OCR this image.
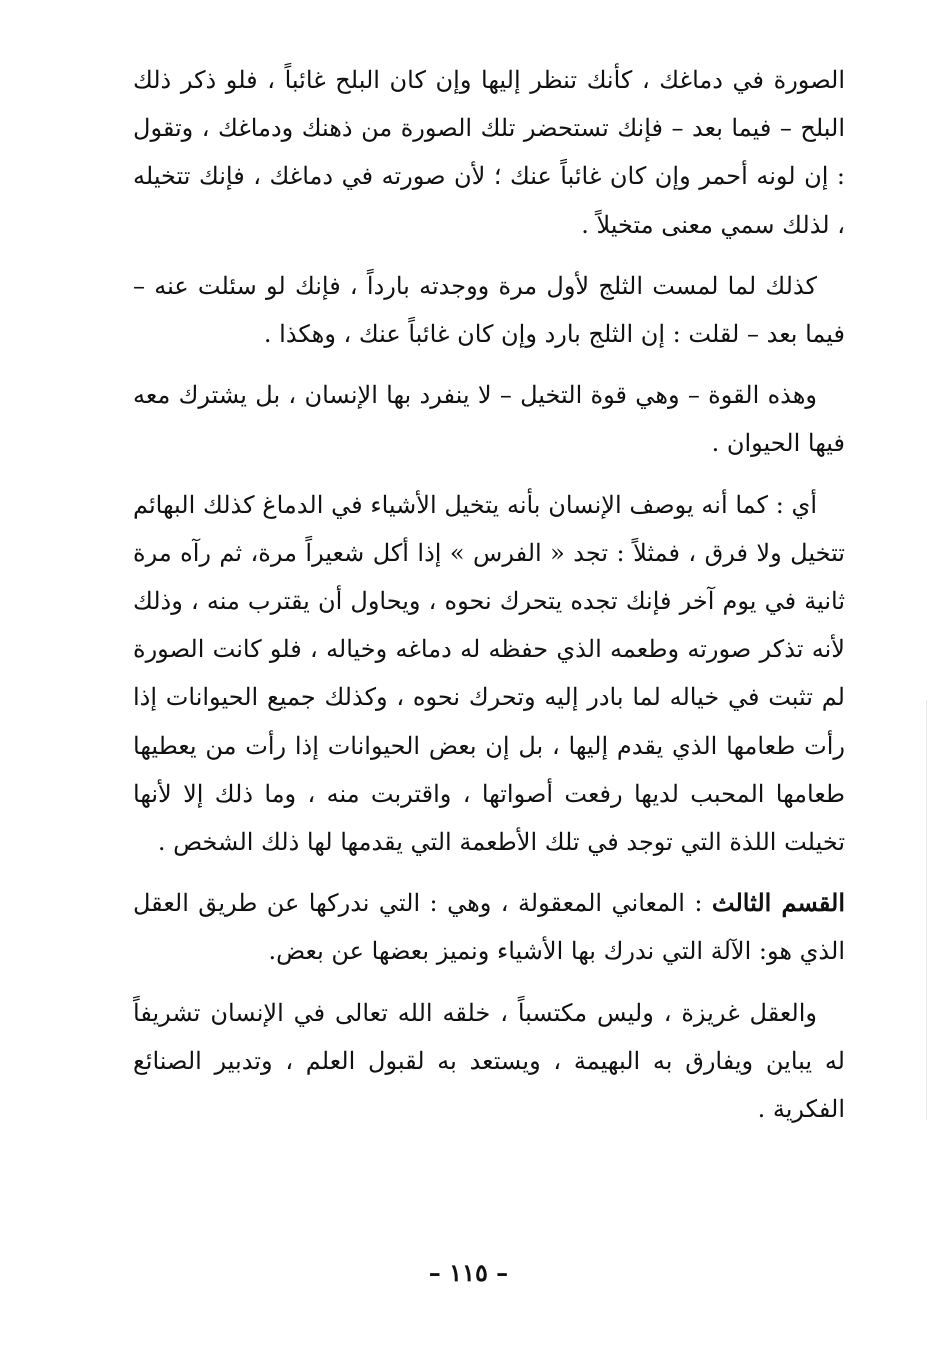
الصورة في دماغك ، كأنك تنظر إليها وإن كان البلح غائباً ، فلو ذكر ذلك البلح – فيما بعد – فإنك تستحضر تلك الصورة من ذهنك ودماغك ، وتقول : إن لونه أحمر وإن كان غائباً عنك ؛ لأن صورته في دماغك ، فإنك تتخيله ، لذلك سمي معنى متخيلاً .

كذلك لما لمست الثلج لأول مرة ووجدته بارداً ، فإنك لو سئلت عنه – فيما بعد – لقلت : إن الثلج بارد وإن كان غائباً عنك ، وهكذا .

وهذه القوة – وهي قوة التخيل – لا ينفرد بها الإنسان ، بل يشترك معه فيها الحيوان .

أي : كما أنه يوصف الإنسان بأنه يتخيل الأشياء في الدماغ كذلك البهائم تتخيل ولا فرق ، فمثلاً : تجد « الفرس » إذا أكل شعيراً مرة، ثم رآه مرة ثانية في يوم آخر فإنك تجده يتحرك نحوه ، ويحاول أن يقترب منه ، وذلك لأنه تذكر صورته وطعمه الذي حفظه له دماغه وخياله ، فلو كانت الصورة لم تثبت في خياله لما بادر إليه وتحرك نحوه ، وكذلك جميع الحيوانات إذا رأت طعامها الذي يقدم إليها ، بل إن بعض الحيوانات إذا رأت من يعطيها طعامها المحبب لديها رفعت أصواتها ، واقتربت منه ، وما ذلك إلا لأنها تخيلت اللذة التي توجد في تلك الأطعمة التي يقدمها لها ذلك الشخص .

القسم الثالث : المعاني المعقولة ، وهي : التي ندركها عن طريق العقل الذي هو: الآلة التي ندرك بها الأشياء ونميز بعضها عن بعض.

والعقل غريزة ، وليس مكتسباً ، خلقه الله تعالى في الإنسان تشريفاً له يباين ويفارق به البهيمة ، ويستعد به لقبول العلم ، وتدبير الصنائع الفكرية .

– ١١٥ –
